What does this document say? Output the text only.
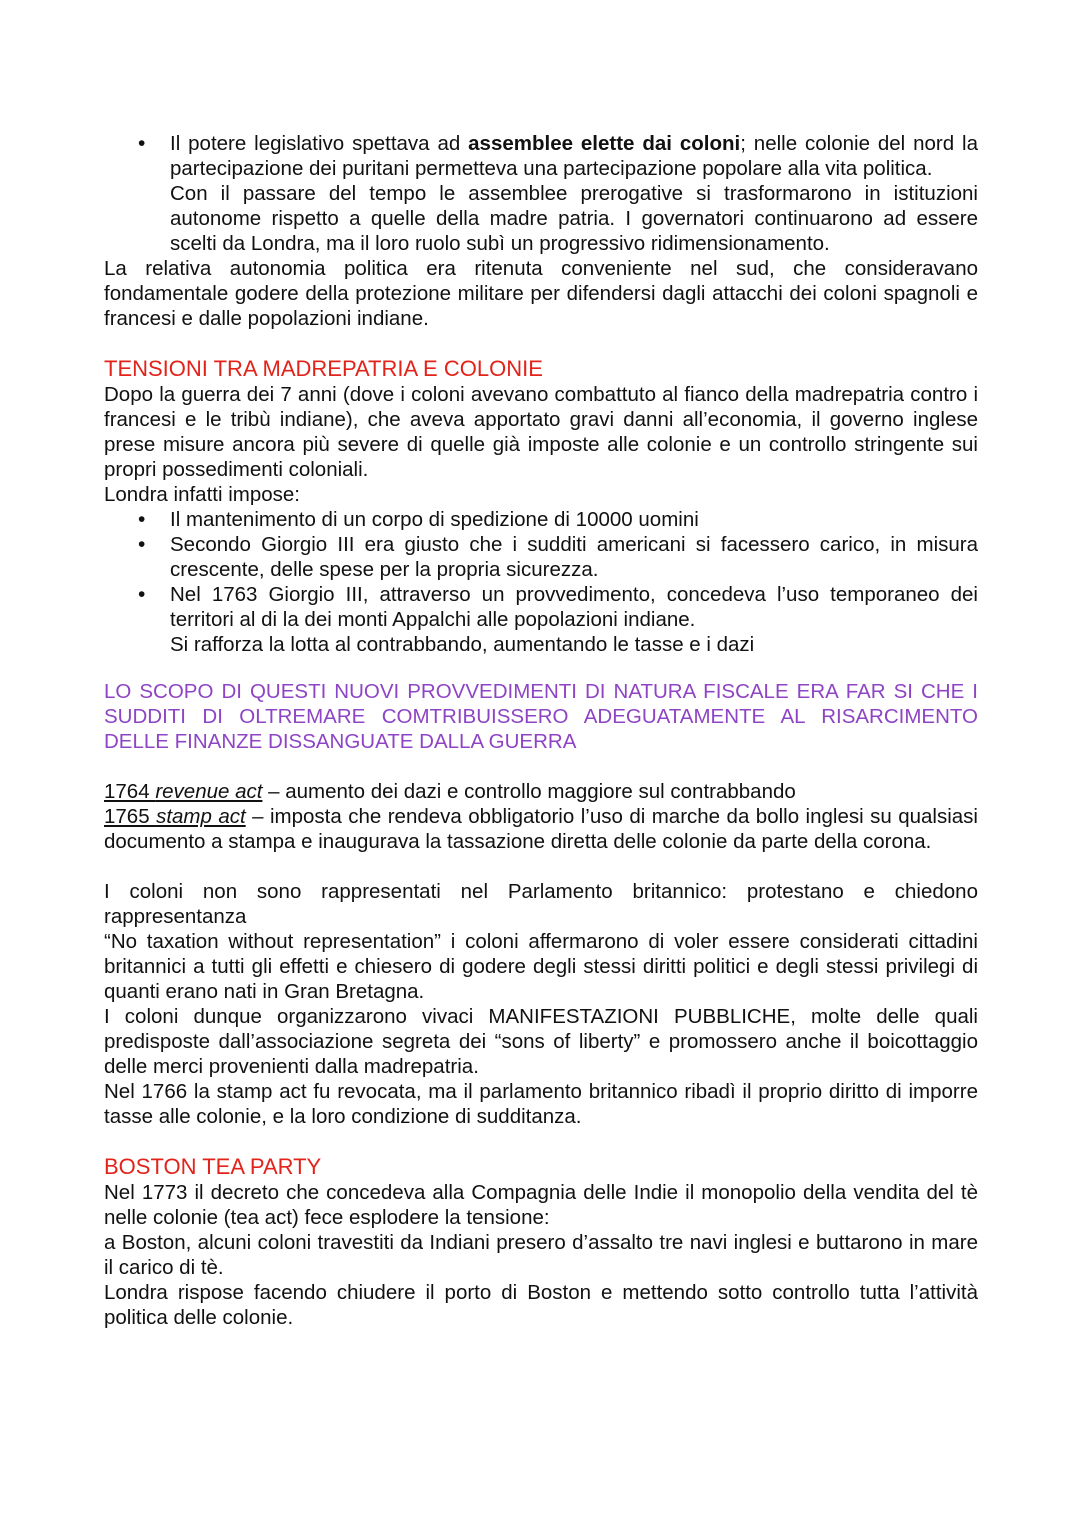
• Il potere legislativo spettava ad assemblee elette dai coloni; nelle colonie del nord la partecipazione dei puritani permetteva una partecipazione popolare alla vita politica.

Con il passare del tempo le assemblee prerogative si trasformarono in istituzioni autonome rispetto a quelle della madre patria. I governatori continuarono ad essere scelti da Londra, ma il loro ruolo subì un progressivo ridimensionamento.

La relativa autonomia politica era ritenuta conveniente nel sud, che consideravano fondamentale godere della protezione militare per difendersi dagli attacchi dei coloni spagnoli e francesi e dalle popolazioni indiane.

TENSIONI TRA MADREPATRIA E COLONIE

Dopo la guerra dei 7 anni (dove i coloni avevano combattuto al fianco della madrepatria contro i francesi e le tribù indiane), che aveva apportato gravi danni all’economia, il governo inglese prese misure ancora più severe di quelle già imposte alle colonie e un controllo stringente sui propri possedimenti coloniali.

Londra infatti impose:

• Il mantenimento di un corpo di spedizione di 10000 uomini

• Secondo Giorgio III era giusto che i sudditi americani si facessero carico, in misura crescente, delle spese per la propria sicurezza.

• Nel 1763 Giorgio III, attraverso un provvedimento, concedeva l’uso temporaneo dei territori al di la dei monti Appalchi alle popolazioni indiane.

Si rafforza la lotta al contrabbando, aumentando le tasse e i dazi

LO SCOPO DI QUESTI NUOVI PROVVEDIMENTI DI NATURA FISCALE ERA FAR SI CHE I SUDDITI DI OLTREMARE COMTRIBUISSERO ADEGUATAMENTE AL RISARCIMENTO DELLE FINANZE DISSANGUATE DALLA GUERRA

1764 revenue act – aumento dei dazi e controllo maggiore sul contrabbando

1765 stamp act – imposta che rendeva obbligatorio l’uso di marche da bollo inglesi su qualsiasi documento a stampa e inaugurava la tassazione diretta delle colonie da parte della corona.

I coloni non sono rappresentati nel Parlamento britannico: protestano e chiedono rappresentanza

“No taxation without representation” i coloni affermarono di voler essere considerati cittadini britannici a tutti gli effetti e chiesero di godere degli stessi diritti politici e degli stessi privilegi di quanti erano nati in Gran Bretagna.

I coloni dunque organizzarono vivaci MANIFESTAZIONI PUBBLICHE, molte delle quali predisposte dall’associazione segreta dei “sons of liberty” e promossero anche il boicottaggio delle merci provenienti dalla madrepatria.

Nel 1766 la stamp act fu revocata, ma il parlamento britannico ribadì il proprio diritto di imporre tasse alle colonie, e la loro condizione di sudditanza.

BOSTON TEA PARTY

Nel 1773 il decreto che concedeva alla Compagnia delle Indie il monopolio della vendita del tè nelle colonie (tea act) fece esplodere la tensione:

a Boston, alcuni coloni travestiti da Indiani presero d’assalto tre navi inglesi e buttarono in mare il carico di tè.

Londra rispose facendo chiudere il porto di Boston e mettendo sotto controllo tutta l’attività politica delle colonie.
